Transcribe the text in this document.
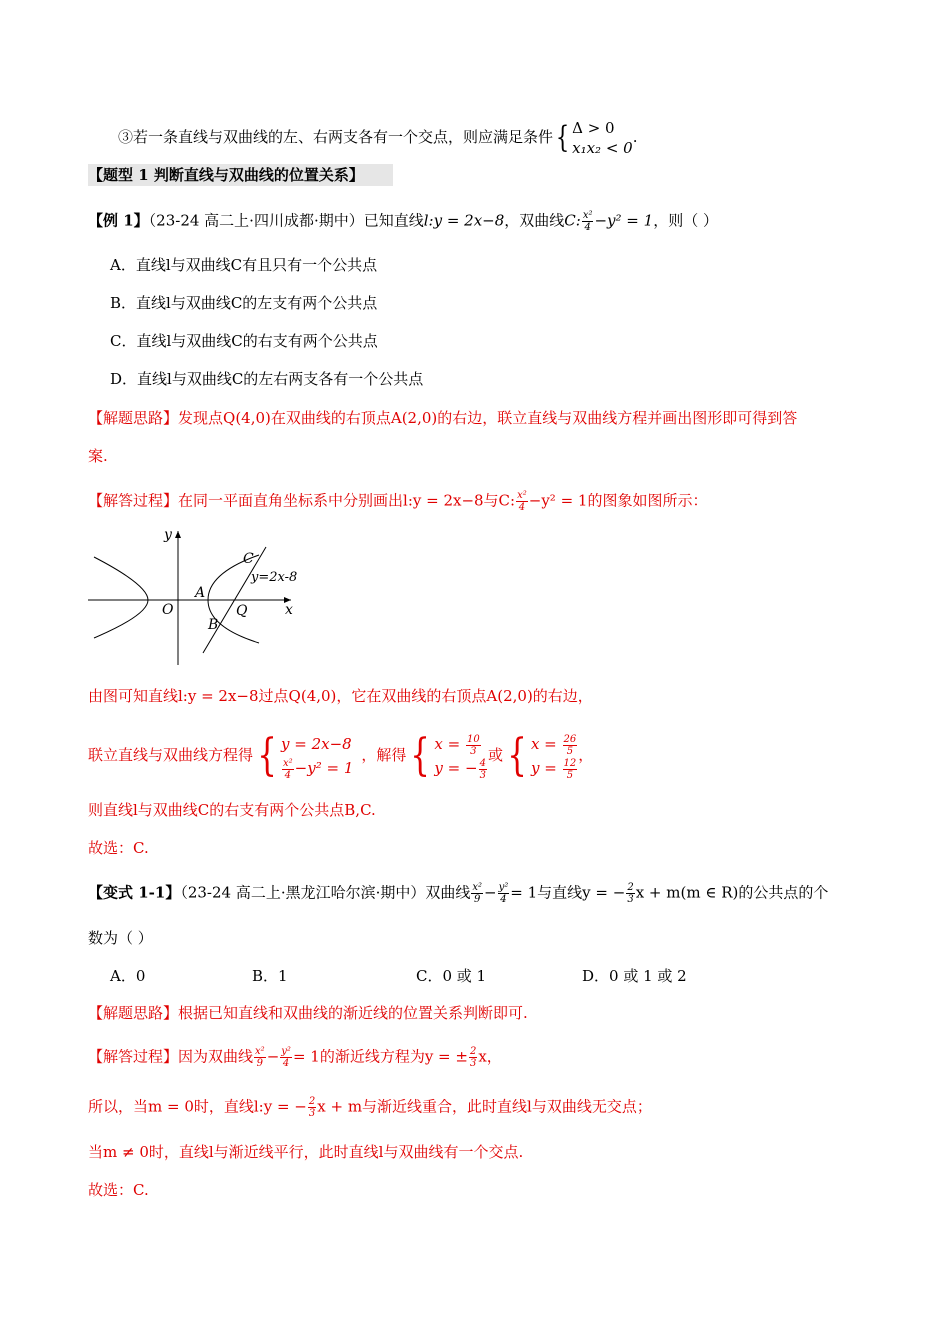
③若一条直线与双曲线的左、右两支各有一个交点，则应满足条件{ Δ > 0
x₁x₂ < 0
.
【题型 1 判断直线与双曲线的位置关系】
【例 1】（23-24 高二上·四川成都·期中）已知直线l:y = 2x−8，双曲线C: $\frac{\text{x²}}{4} -y^2 = 1$，则（ ）
A．直线l与双曲线C有且只有一个公共点
B．直线l与双曲线C的左支有两个公共点
C．直线l与双曲线C的右支有两个公共点
D．直线l与双曲线C的左右两支各有一个公共点
【解题思路】发现点Q(4,0)在双曲线的右顶点A(2,0)的右边，联立直线与双曲线方程并画出图形即可得到答
案.
【解答过程】在同一平面直角坐标系中分别画出l:y = 2x−8与C: $\frac{\text{x²}}{4} -y^2 = 1$的图象如图所示：
y
x
O
A
B
C
Q
y=2x-8
由图可知直线l:y = 2x−8过点Q(4,0)，它在双曲线的右顶点A(2,0)的右边，
联立直线与双曲线方程得{ y = 2x−8
$\frac{\text{x²}}{4} -y^2 = 1$
，解得{ $x = \frac{10}{3}$
y = − $\frac{4}{3}$
或{ $x = \frac{26}{5}$
$y = \frac{12}{5}$
，
则直线l与双曲线C的右支有两个公共点B,C.
故选：C.
【变式 1-1】（23-24 高二上·黑龙江哈尔滨·期中）双曲线 $\frac{\text{x²}}{9} - \frac{\text{y²}}{4} = 1$与直线y = − $\frac{2}{3}$ x + m(m ∈ R)的公共点的个
数为（ ）
A．0	B．1	C．0 或 1	D．0 或 1 或 2
【解题思路】根据已知直线和双曲线的渐近线的位置关系判断即可.
【解答过程】因为双曲线 $\frac{\text{x²}}{9} - \frac{\text{y²}}{4} = 1$的渐近线方程为y = ± $\frac{2}{3}$ x，
所以，当m = 0时，直线l:y = − $\frac{2}{3}$ x + m与渐近线重合，此时直线l与双曲线无交点；
当m ≠ 0时，直线l与渐近线平行，此时直线l与双曲线有一个交点.
故选：C.
